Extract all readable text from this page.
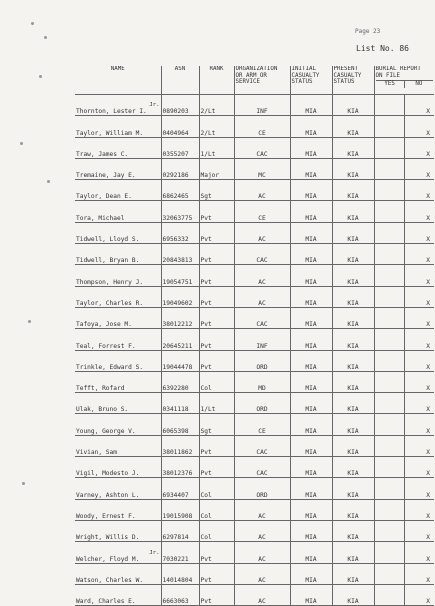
Page 23
List No. 86
NAME	ASN	RANK	ORGANIZATION
OR ARM OR
SERVICE	INITIAL
CASUALTY
STATUS	PRESENT
CASUALTY
STATUS	BURIAL REPORT
ON FILE
YES NO	

Jr.
Thornton, Lester I.	0890203	2/Lt	INF	MIA	KIA		X
Taylor, William M.	0404964	2/Lt	CE	MIA	KIA		X
Traw, James C.	0355207	1/Lt	CAC	MIA	KIA		X
Tremaine, Jay E.	0292186	Major	MC	MIA	KIA		X
Taylor, Dean E.	6862465	Sgt	AC	MIA	KIA		X
Tora, Michael	32063775	Pvt	CE	MIA	KIA		X
Tidwell, Lloyd S.	6956332	Pvt	AC	MIA	KIA		X
Tidwell, Bryan B.	20843813	Pvt	CAC	MIA	KIA		X
Thompson, Henry J.	19054751	Pvt	AC	MIA	KIA		X
Taylor, Charles R.	19049602	Pvt	AC	MIA	KIA		X
Tafoya, Jose M.	38012212	Pvt	CAC	MIA	KIA		X
Teal, Forrest F.	20645211	Pvt	INF	MIA	KIA		X
Trinkle, Edward S.	19044478	Pvt	ORD	MIA	KIA		X
Tefft, Rofard	6392280	Col	MD	MIA	KIA		X
Ulak, Bruno S.	0341118	1/Lt	ORD	MIA	KIA		X
Young, George V.	6065398	Sgt	CE	MIA	KIA		X
Vivian, Sam	38011862	Pvt	CAC	MIA	KIA		X
Vigil, Modesto J.	38012376	Pvt	CAC	MIA	KIA		X
Varney, Ashton L.	6934407	Col	ORD	MIA	KIA		X
Woody, Ernest F.	19015908	Col	AC	MIA	KIA		X
Wright, Willis D.	6297814	Col	AC	MIA	KIA		X

Jr.
Welcher, Floyd M.	7030221	Pvt	AC	MIA	KIA		X
Watson, Charles W.	14014804	Pvt	AC	MIA	KIA		X
Ward, Charles E.	6663063	Pvt	AC	MIA	KIA		X
